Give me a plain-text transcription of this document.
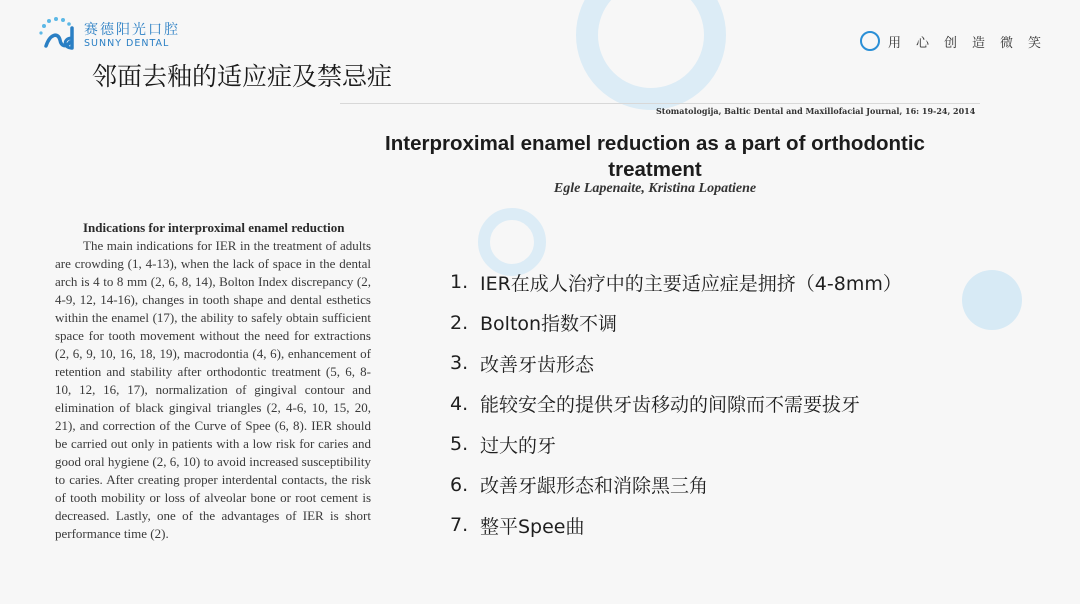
赛德阳光口腔
SUNNY DENTAL	用心创造微笑
邻面去釉的适应症及禁忌症
Stomatologija, Baltic Dental and Maxillofacial Journal, 16: 19-24, 2014
Interproximal enamel reduction as a part of orthodontic treatment
Egle Lapenaite, Kristina Lopatiene
Indications for interproximal enamel reduction

The main indications for IER in the treatment of adults are crowding (1, 4-13), when the lack of space in the dental arch is 4 to 8 mm (2, 6, 8, 14), Bolton Index discrepancy (2, 4-9, 12, 14-16), changes in tooth shape and dental esthetics within the enamel (17), the ability to safely obtain sufficient space for tooth movement without the need for extractions (2, 6, 9, 10, 16, 18, 19), macrodontia (4, 6), enhancement of retention and stability after orthodontic treatment (5, 6, 8-10, 12, 16, 17), normalization of gingival contour and elimination of black gingival triangles (2, 4-6, 10, 15, 20, 21), and correction of the Curve of Spee (6, 8). IER should be carried out only in patients with a low risk for caries and good oral hygiene (2, 6, 10) to avoid increased susceptibility to caries. After creating proper interdental contacts, the risk of tooth mobility or loss of alveolar bone or root cement is decreased. Lastly, one of the advantages of IER is short performance time (2).

1. IER在成人治疗中的主要适应症是拥挤（4-8mm）
2. Bolton指数不调
3. 改善牙齿形态
4. 能较安全的提供牙齿移动的间隙而不需要拔牙
5. 过大的牙
6. 改善牙龈形态和消除黑三角
7. 整平Spee曲
